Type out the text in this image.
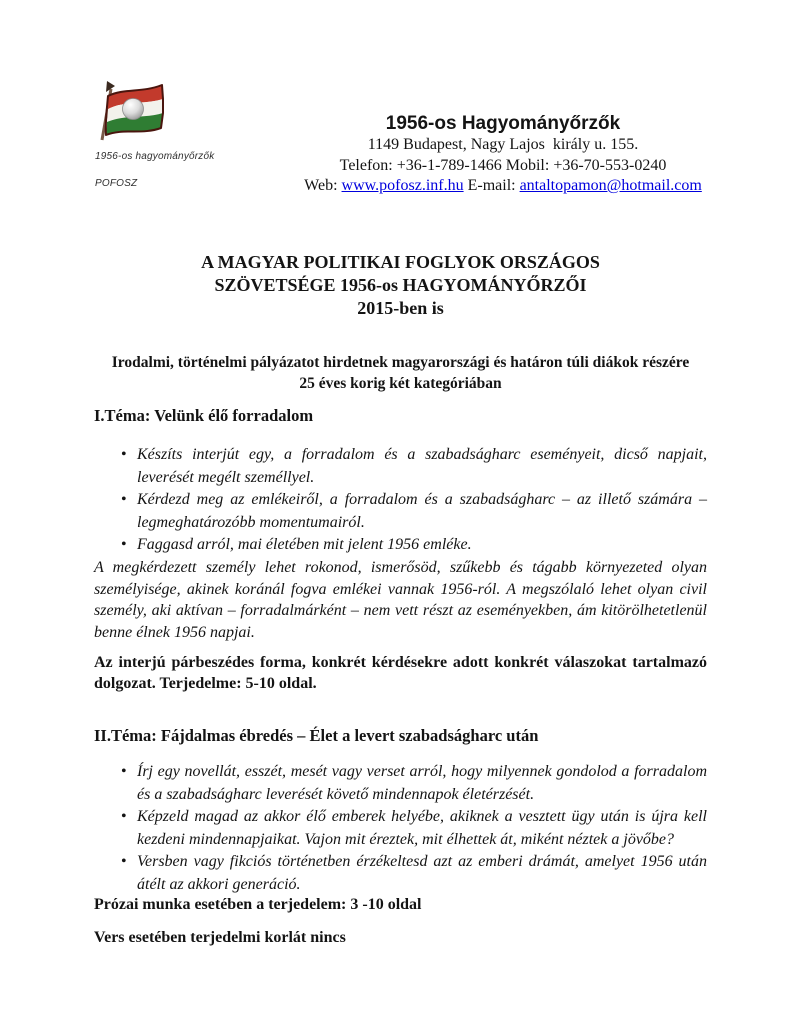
1956-os hagyományőrzők
POFOSZ
1956-os Hagyományőrzők
1149 Budapest, Nagy Lajos  király u. 155.
Telefon: +36-1-789-1466 Mobil: +36-70-553-0240
Web: www.pofosz.inf.hu E-mail: antaltopamon@hotmail.com
A MAGYAR POLITIKAI FOGLYOK ORSZÁGOS
SZÖVETSÉGE 1956-os HAGYOMÁNYŐRZŐI
2015-ben is
Irodalmi, történelmi pályázatot hirdetnek magyarországi és határon túli diákok részére
25 éves korig két kategóriában
I.Téma: Velünk élő forradalom
• Készíts interjút egy, a forradalom és a szabadságharc eseményeit, dicső napjait, leverését megélt személlyel.
• Kérdezd meg az emlékeiről, a forradalom és a szabadságharc – az illető számára – legmeghatározóbb momentumairól.
• Faggasd arról, mai életében mit jelent 1956 emléke.
A megkérdezett személy lehet rokonod, ismerősöd, szűkebb és tágabb környezeted olyan személyisége, akinek koránál fogva emlékei vannak 1956-ról. A megszólaló lehet olyan civil személy, aki aktívan – forradalmárként – nem vett részt az eseményekben, ám kitörölhetetlenül benne élnek 1956 napjai.
Az interjú párbeszédes forma, konkrét kérdésekre adott konkrét válaszokat tartalmazó dolgozat. Terjedelme: 5-10 oldal.
II.Téma: Fájdalmas ébredés – Élet a levert szabadságharc után
• Írj egy novellát, esszét, mesét vagy verset arról, hogy milyennek gondolod a forradalom és a szabadságharc leverését követő mindennapok életérzését.
• Képzeld magad az akkor élő emberek helyébe, akiknek a vesztett ügy után is újra kell kezdeni mindennapjaikat. Vajon mit éreztek, mit élhettek át, miként néztek a jövőbe?
• Versben vagy fikciós történetben érzékeltesd azt az emberi drámát, amelyet 1956 után átélt az akkori generáció.
Prózai munka esetében a terjedelem: 3 -10 oldal
Vers esetében terjedelmi korlát nincs
